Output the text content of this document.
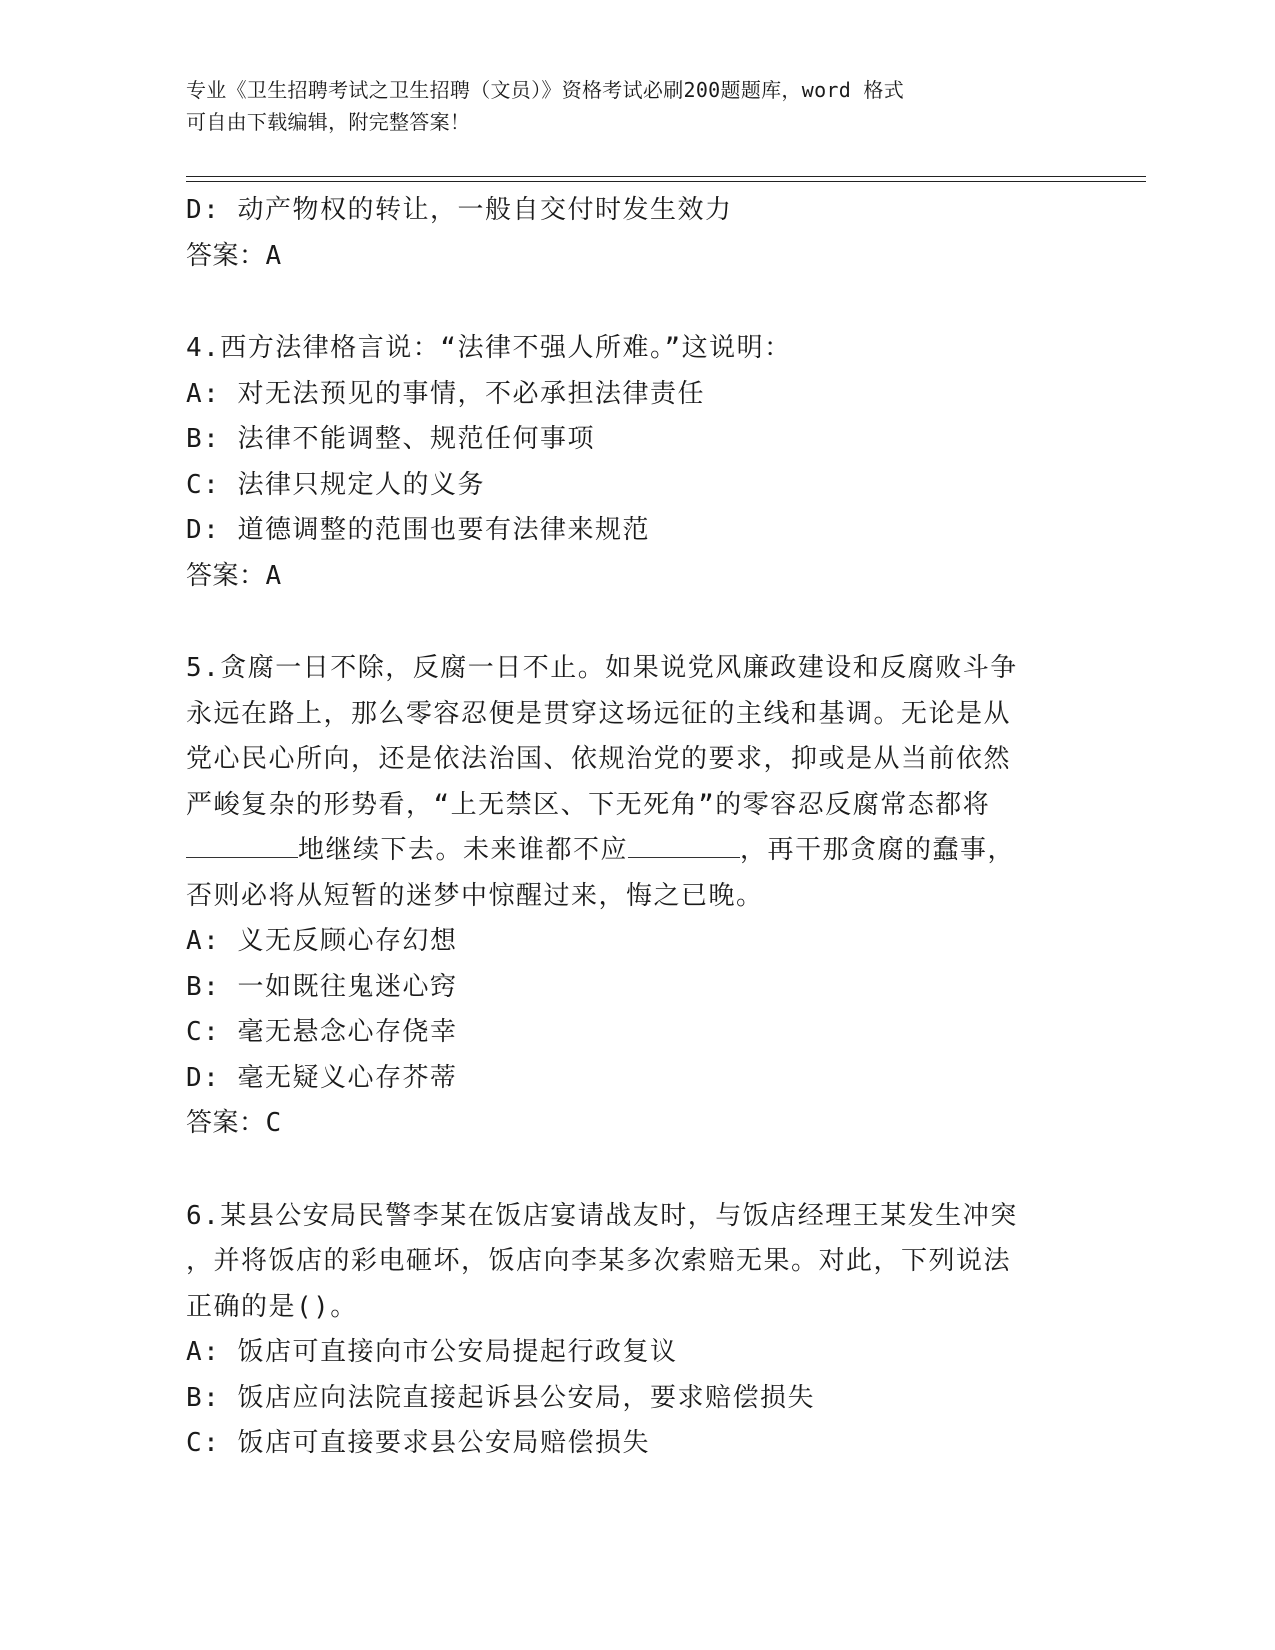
专业《卫生招聘考试之卫生招聘（文员）》资格考试必刷200题题库，word 格式
可自由下载编辑，附完整答案！
D: 动产物权的转让，一般自交付时发生效力
答案：A
4.西方法律格言说：“法律不强人所难。”这说明：
A: 对无法预见的事情，不必承担法律责任
B: 法律不能调整、规范任何事项
C: 法律只规定人的义务
D: 道德调整的范围也要有法律来规范
答案：A
5.贪腐一日不除，反腐一日不止。如果说党风廉政建设和反腐败斗争
永远在路上，那么零容忍便是贯穿这场远征的主线和基调。无论是从
党心民心所向，还是依法治国、依规治党的要求，抑或是从当前依然
严峻复杂的形势看，“上无禁区、下无死角”的零容忍反腐常态都将
地继续下去。未来谁都不应	，再干那贪腐的蠢事，
否则必将从短暂的迷梦中惊醒过来，悔之已晚。
A: 义无反顾心存幻想
B: 一如既往鬼迷心窍
C: 毫无悬念心存侥幸
D: 毫无疑义心存芥蒂
答案：C
6.某县公安局民警李某在饭店宴请战友时，与饭店经理王某发生冲突
，并将饭店的彩电砸坏，饭店向李某多次索赔无果。对此，下列说法
正确的是()。
A: 饭店可直接向市公安局提起行政复议
B: 饭店应向法院直接起诉县公安局，要求赔偿损失
C: 饭店可直接要求县公安局赔偿损失
